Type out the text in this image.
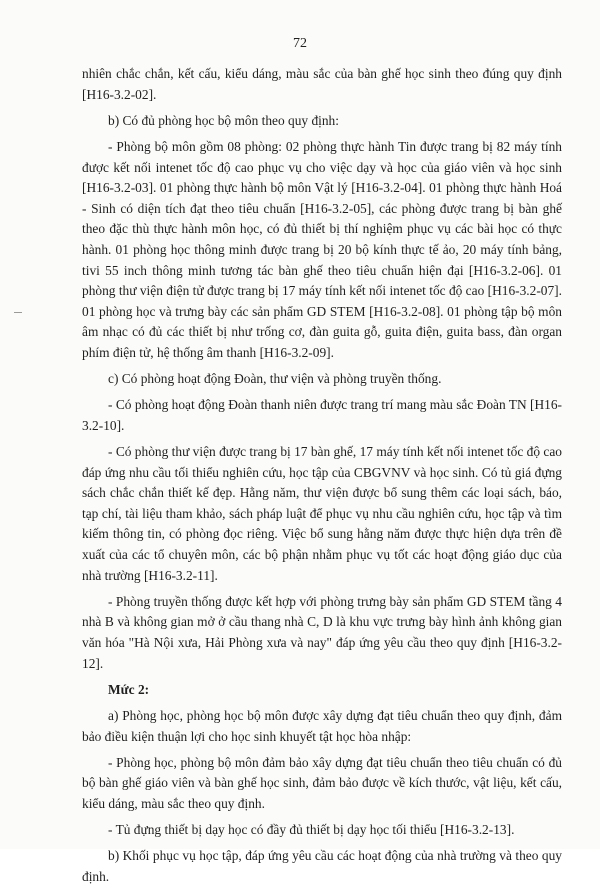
72

nhiên chắc chắn, kết cấu, kiểu dáng, màu sắc của bàn ghế học sinh theo đúng quy định [H16-3.2-02].

b) Có đủ phòng học bộ môn theo quy định:

- Phòng bộ môn gồm 08 phòng: 02 phòng thực hành Tin được trang bị 82 máy tính được kết nối intenet tốc độ cao phục vụ cho việc dạy và học của giáo viên và học sinh [H16-3.2-03]. 01 phòng thực hành bộ môn Vật lý [H16-3.2-04]. 01 phòng thực hành Hoá - Sinh có diện tích đạt theo tiêu chuẩn [H16-3.2-05], các phòng được trang bị bàn ghế theo đặc thù thực hành môn học, có đủ thiết bị thí nghiệm phục vụ các bài học có thực hành. 01 phòng học thông minh được trang bị 20 bộ kính thực tế ảo, 20 máy tính bảng, tivi 55 inch thông minh tương tác bàn ghế theo tiêu chuẩn hiện đại [H16-3.2-06]. 01 phòng thư viện điện tử được trang bị 17 máy tính kết nối intenet tốc độ cao [H16-3.2-07]. 01 phòng học và trưng bày các sản phẩm GD STEM [H16-3.2-08]. 01 phòng tập bộ môn âm nhạc có đủ các thiết bị như trống cơ, đàn guita gỗ, guita điện, guita bass, đàn organ phím điện tử, hệ thống âm thanh [H16-3.2-09].

c) Có phòng hoạt động Đoàn, thư viện và phòng truyền thống.

- Có phòng hoạt động Đoàn thanh niên được trang trí mang màu sắc Đoàn TN [H16-3.2-10].

- Có phòng thư viện được trang bị 17 bàn ghế, 17 máy tính kết nối intenet tốc độ cao đáp ứng nhu cầu tối thiểu nghiên cứu, học tập của CBGVNV và học sinh. Có tủ giá đựng sách chắc chắn thiết kế đẹp. Hằng năm, thư viện được bổ sung thêm các loại sách, báo, tạp chí, tài liệu tham khảo, sách pháp luật để phục vụ nhu cầu nghiên cứu, học tập và tìm kiếm thông tin, có phòng đọc riêng. Việc bổ sung hằng năm được thực hiện dựa trên đề xuất của các tổ chuyên môn, các bộ phận nhằm phục vụ tốt các hoạt động giáo dục của nhà trường [H16-3.2-11].

- Phòng truyền thống được kết hợp với phòng trưng bày sản phẩm GD STEM tầng 4 nhà B và không gian mở ở cầu thang nhà C, D là khu vực trưng bày hình ảnh không gian văn hóa "Hà Nội xưa, Hải Phòng xưa và nay" đáp ứng yêu cầu theo quy định [H16-3.2-12].

Mức 2:

a) Phòng học, phòng học bộ môn được xây dựng đạt tiêu chuẩn theo quy định, đảm bảo điều kiện thuận lợi cho học sinh khuyết tật học hòa nhập:

- Phòng học, phòng bộ môn đảm bảo xây dựng đạt tiêu chuẩn theo tiêu chuẩn có đủ bộ bàn ghế giáo viên và bàn ghế học sinh, đảm bảo được về kích thước, vật liệu, kết cấu, kiểu dáng, màu sắc theo quy định.

- Tủ đựng thiết bị dạy học có đầy đủ thiết bị dạy học tối thiểu [H16-3.2-13].

b) Khối phục vụ học tập, đáp ứng yêu cầu các hoạt động của nhà trường và theo quy định.
